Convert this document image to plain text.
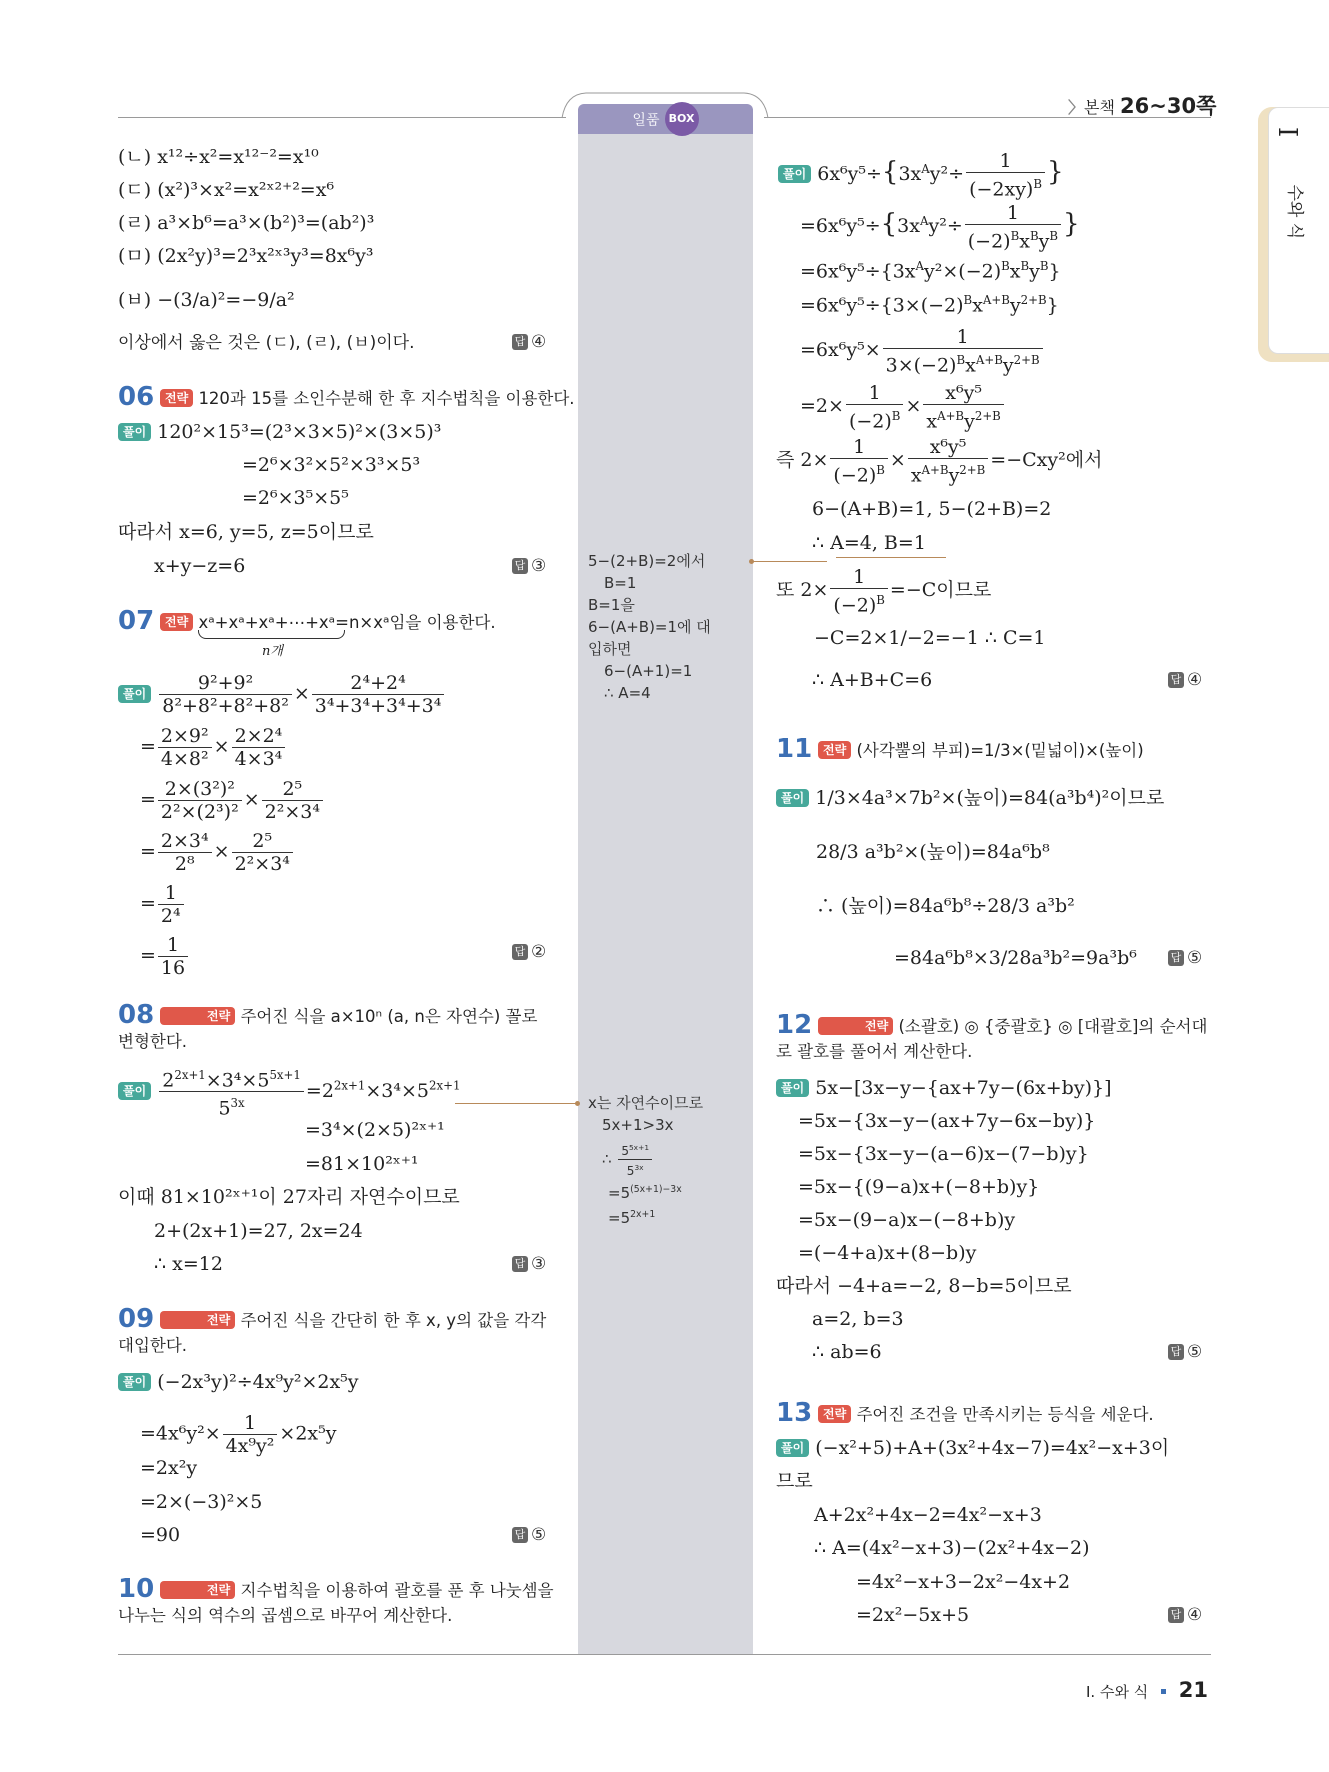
〉본책 26~30쪽
I
수와 식
일품 BOX
(ㄴ) x¹²÷x²=x¹²⁻²=x¹⁰
(ㄷ) (x²)³×x²=x²ˣ²⁺²=x⁶
(ㄹ) a³×b⁶=a³×(b²)³=(ab²)³
(ㅁ) (2x²y)³=2³x²ˣ³y³=8x⁶y³
(ㅂ) −(3/a)²=−9/a²
이상에서 옳은 것은 (ㄷ), (ㄹ), (ㅂ)이다.	답 ④
06 전략 120과 15를 소인수분해 한 후 지수법칙을 이용한다.
풀이 120²×15³=(2³×3×5)²×(3×5)³
=2⁶×3²×5²×3³×5³
=2⁶×3⁵×5⁵
따라서 x=6, y=5, z=5이므로
x+y−z=6	답 ③
07 전략 xᵃ+xᵃ+xᵃ+⋯+xᵃ=n×xᵃ임을 이용한다.
n개
풀이 $\frac{\text{9²+9²}}{\text{8²+8²+8²+8²}} \times \frac{\text{2⁴+2⁴}}{\text{3⁴+3⁴+3⁴+3⁴}}$
= $\frac{\text{2×9²}}{\text{4×8²}} \times \frac{\text{2×2⁴}}{\text{4×3⁴}}$
= $\frac{\text{2×(3²)²}}{\text{2²×(2³)²}} \times \frac{\text{2⁵}}{\text{2²×3⁴}}$
= $\frac{\text{2×3⁴}}{\text{2⁸}} \times \frac{\text{2⁵}}{\text{2²×3⁴}}$
= $\frac{1}{\text{2⁴}}$
= $\frac{1}{16}$	답 ②
08	전략 주어진 식을 a×10ⁿ (a, n은 자연수) 꼴로 변형한다.
풀이 $\frac{2^{2x+1}\times 3^4\times 5^{5x+1}}{5^{3x}} =2^{2x+1}\times 3^4\times 5^{2x+1}$
=3⁴×(2×5)²ˣ⁺¹
=81×10²ˣ⁺¹
이때 81×10²ˣ⁺¹이 27자리 자연수이므로
2+(2x+1)=27, 2x=24
∴ x=12	답 ③
09	전략 주어진 식을 간단히 한 후 x, y의 값을 각각 대입한다.
풀이 (−2x³y)²÷4x⁹y²×2x⁵y
$=4x^6y^2\times \frac{1}{\text{4x⁹y²}} \times 2x^5y$
=2x²y
=2×(−3)²×5
=90	답 ⑤
10	전략 지수법칙을 이용하여 괄호를 푼 후 나눗셈을 나누는 식의 역수의 곱셈으로 바꾸어 계산한다.
5−(2+B)=2에서
B=1
B=1을
6−(A+B)=1에 대
입하면
6−(A+1)=1
∴ A=4
x는 자연수이므로
5x+1>3x
∴ $\frac{5^{5x+1}}{5^{3x}}$
$=5^{(5x+1)-3x}$
$=5^{2x+1}$
풀이 $6x^6y^5\div\{3x^Ay^2\div \frac{1}{(-2xy)^B}$ }
$=6x^6y^5\div\{3x^Ay^2\div \frac{1}{(-2)^Bx^By^B}$ }
$=6x^6y^5\div\{3x^Ay^2\times(-2)^Bx^By^B\}$
$=6x^6y^5\div\{3\times(-2)^Bx^{A+B}y^{2+B}\}$
$=6x^6y^5\times \frac{1}{3\times(-2)^Bx^{A+B}y^{2+B}}$
$=2\times \frac{1}{(-2)^B} \times \frac{\text{x⁶y⁵}}{x^{A+B}y^{2+B}}$
즉 $2\times \frac{1}{(-2)^B} \times \frac{\text{x⁶y⁵}}{x^{A+B}y^{2+B}} =-Cxy^2$에서
6−(A+B)=1, 5−(2+B)=2
∴ A=4, B=1
또 $2\times \frac{1}{(-2)^B} =-C$이므로
−C=2×1/−2=−1 ∴ C=1
∴ A+B+C=6	답 ④
11 전략 (사각뿔의 부피)=1/3×(밑넓이)×(높이)
풀이 1/3×4a³×7b²×(높이)=84(a³b⁴)²이므로
28/3 a³b²×(높이)=84a⁶b⁸
∴ (높이)=84a⁶b⁸÷28/3 a³b²
=84a⁶b⁸×3/28a³b²=9a³b⁶	답 ⑤
12	전략 (소괄호) ◎ {중괄호} ◎ [대괄호]의 순서대로 괄호를 풀어서 계산한다.
풀이 5x−[3x−y−{ax+7y−(6x+by)}]
=5x−{3x−y−(ax+7y−6x−by)}
=5x−{3x−y−(a−6)x−(7−b)y}
=5x−{(9−a)x+(−8+b)y}
=5x−(9−a)x−(−8+b)y
=(−4+a)x+(8−b)y
따라서 −4+a=−2, 8−b=5이므로
a=2, b=3
∴ ab=6	답 ⑤
13 전략 주어진 조건을 만족시키는 등식을 세운다.
풀이 (−x²+5)+A+(3x²+4x−7)=4x²−x+3이
므로
A+2x²+4x−2=4x²−x+3
∴ A=(4x²−x+3)−(2x²+4x−2)
=4x²−x+3−2x²−4x+2
=2x²−5x+5	답 ④
Ⅰ. 수와 식 21
